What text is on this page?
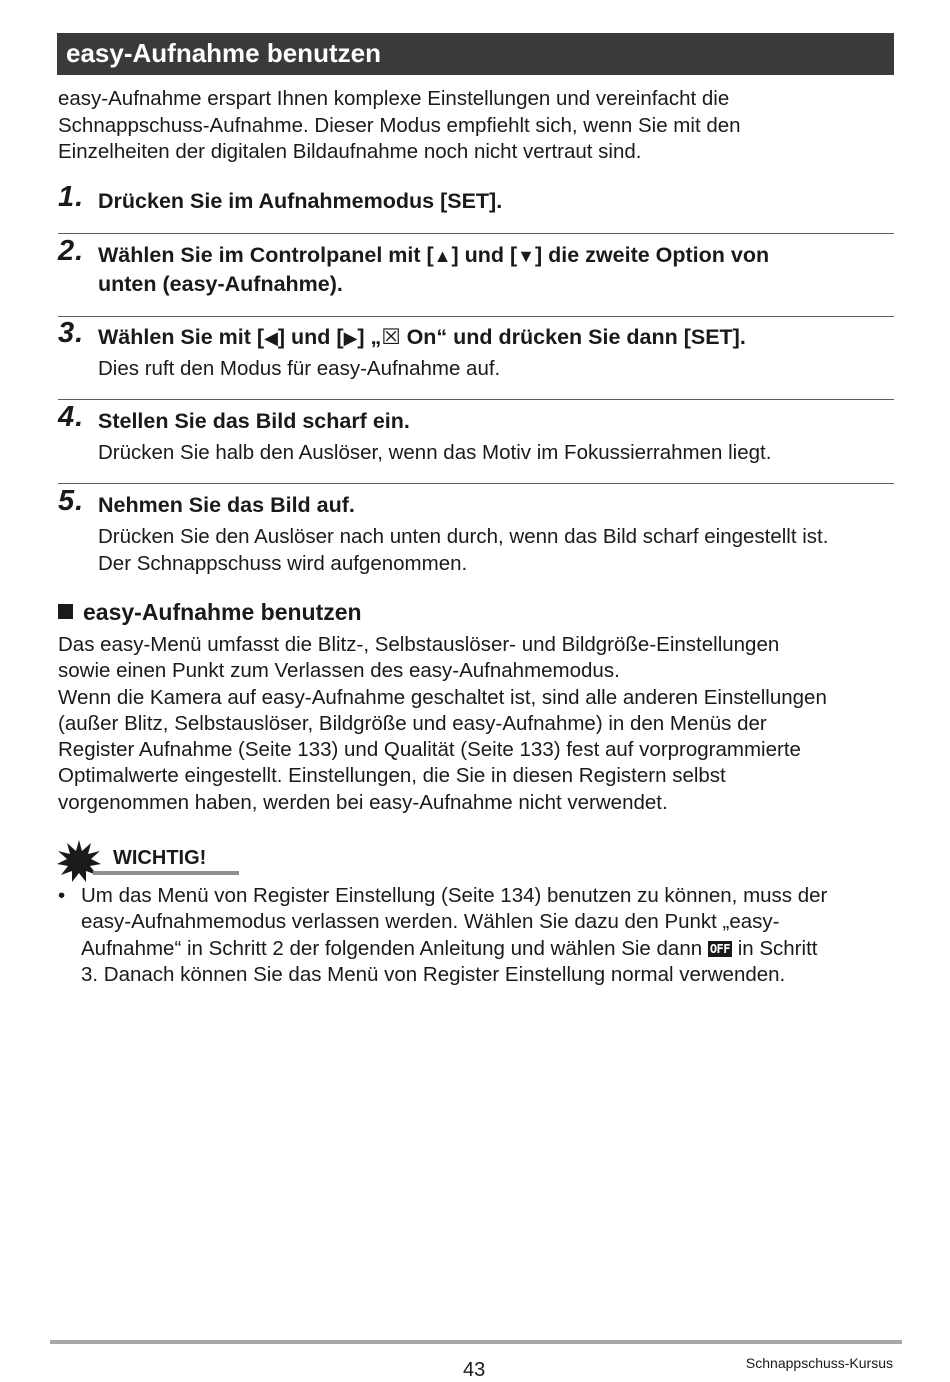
easy-Aufnahme benutzen
easy-Aufnahme erspart Ihnen komplexe Einstellungen und vereinfacht die
Schnappschuss-Aufnahme. Dieser Modus empfiehlt sich, wenn Sie mit den
Einzelheiten der digitalen Bildaufnahme noch nicht vertraut sind.
1. Drücken Sie im Aufnahmemodus [SET].
2. Wählen Sie im Controlpanel mit [▲] und [▼] die zweite Option von
unten (easy-Aufnahme).
3. Wählen Sie mit [◀] und [▶] „☒ On“ und drücken Sie dann [SET].
Dies ruft den Modus für easy-Aufnahme auf.
4. Stellen Sie das Bild scharf ein.
Drücken Sie halb den Auslöser, wenn das Motiv im Fokussierrahmen liegt.
5. Nehmen Sie das Bild auf.
Drücken Sie den Auslöser nach unten durch, wenn das Bild scharf eingestellt ist.
Der Schnappschuss wird aufgenommen.
easy-Aufnahme benutzen
Das easy-Menü umfasst die Blitz-, Selbstauslöser- und Bildgröße-Einstellungen
sowie einen Punkt zum Verlassen des easy-Aufnahmemodus.
Wenn die Kamera auf easy-Aufnahme geschaltet ist, sind alle anderen Einstellungen
(außer Blitz, Selbstauslöser, Bildgröße und easy-Aufnahme) in den Menüs der
Register Aufnahme (Seite 133) und Qualität (Seite 133) fest auf vorprogrammierte
Optimalwerte eingestellt. Einstellungen, die Sie in diesen Registern selbst
vorgenommen haben, werden bei easy-Aufnahme nicht verwendet.
WICHTIG!
• Um das Menü von Register Einstellung (Seite 134) benutzen zu können, muss der
easy-Aufnahmemodus verlassen werden. Wählen Sie dazu den Punkt „easy-
Aufnahme“ in Schritt 2 der folgenden Anleitung und wählen Sie dann OFF in Schritt
3. Danach können Sie das Menü von Register Einstellung normal verwenden.
43	Schnappschuss-Kursus
